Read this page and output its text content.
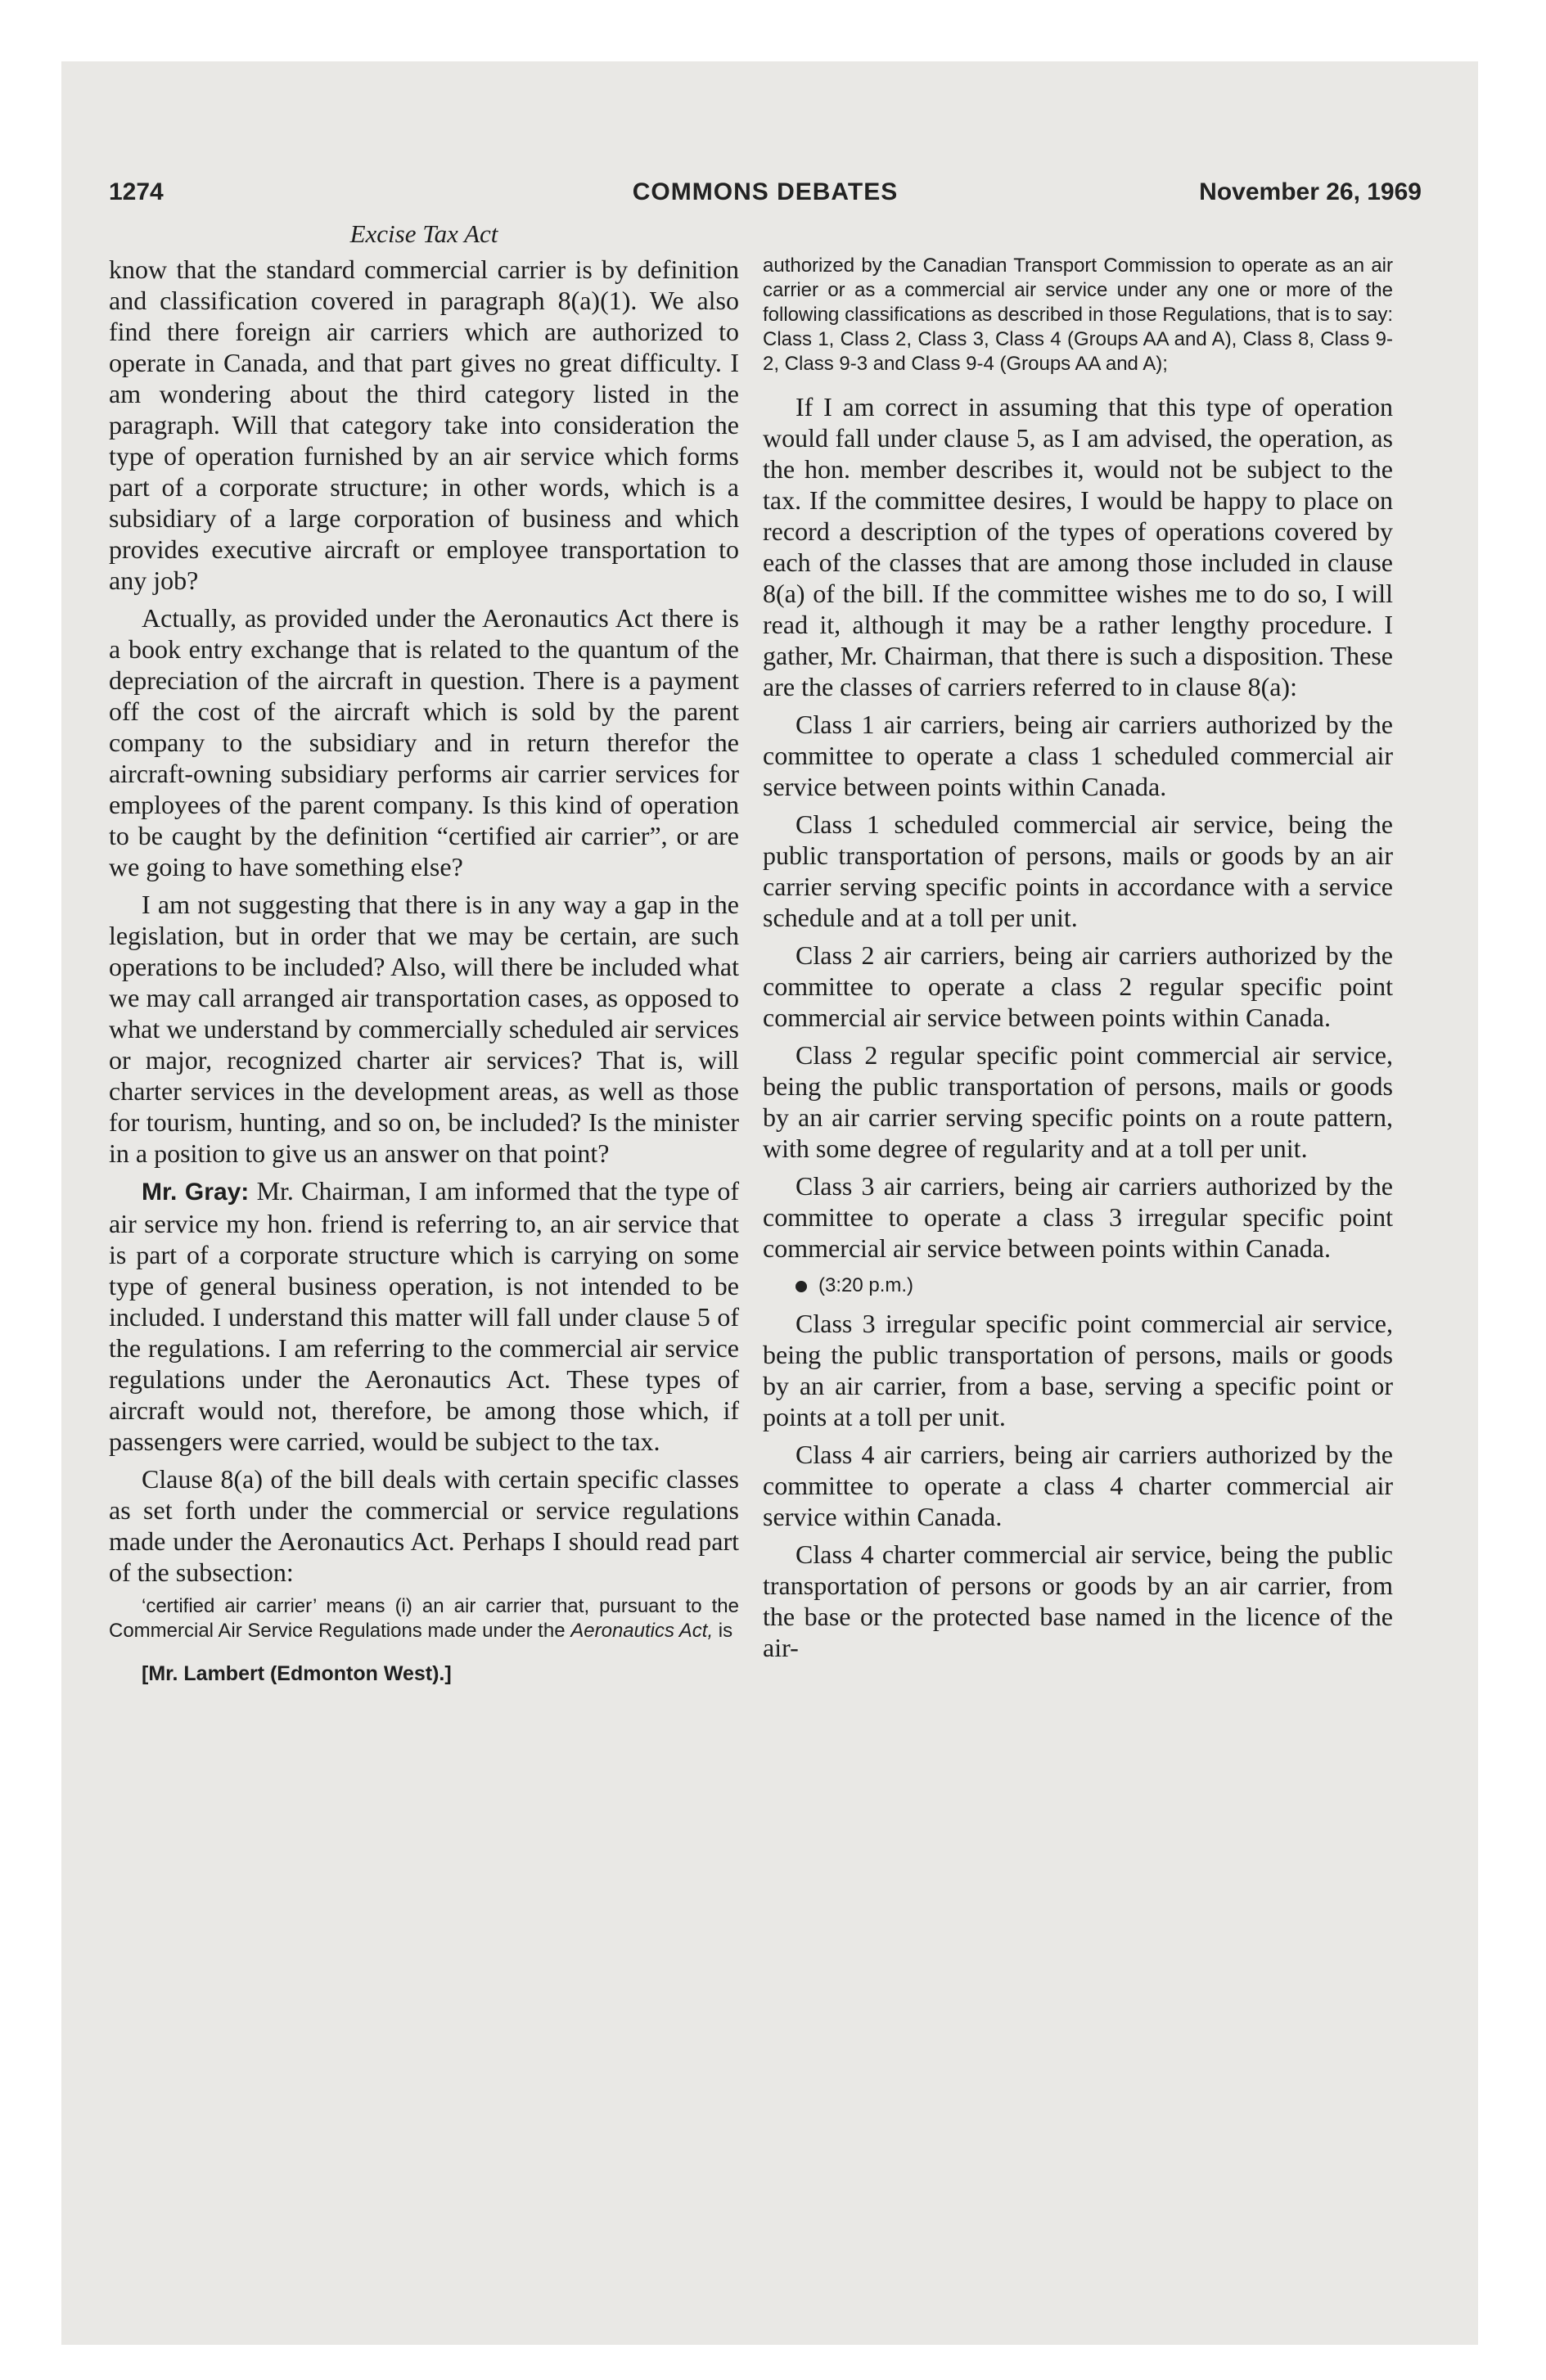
1274	COMMONS DEBATES	November 26, 1969
Excise Tax Act

know that the standard commercial carrier is by definition and classification covered in paragraph 8(a)(1). We also find there foreign air carriers which are authorized to operate in Canada, and that part gives no great difficulty. I am wondering about the third category listed in the paragraph. Will that category take into consideration the type of operation furnished by an air service which forms part of a corporate structure; in other words, which is a subsidiary of a large corporation of business and which provides executive aircraft or employee transportation to any job?

Actually, as provided under the Aeronautics Act there is a book entry exchange that is related to the quantum of the depreciation of the aircraft in question. There is a payment off the cost of the aircraft which is sold by the parent company to the subsidiary and in return therefor the aircraft-owning subsidiary performs air carrier services for employees of the parent company. Is this kind of operation to be caught by the definition “certified air carrier”, or are we going to have something else?

I am not suggesting that there is in any way a gap in the legislation, but in order that we may be certain, are such operations to be included? Also, will there be included what we may call arranged air transportation cases, as opposed to what we understand by commercially scheduled air services or major, recognized charter air services? That is, will charter services in the development areas, as well as those for tourism, hunting, and so on, be included? Is the minister in a position to give us an answer on that point?

Mr. Gray: Mr. Chairman, I am informed that the type of air service my hon. friend is referring to, an air service that is part of a corporate structure which is carrying on some type of general business operation, is not intended to be included. I understand this matter will fall under clause 5 of the regulations. I am referring to the commercial air service regulations under the Aeronautics Act. These types of aircraft would not, therefore, be among those which, if passengers were carried, would be subject to the tax.

Clause 8(a) of the bill deals with certain specific classes as set forth under the commercial or service regulations made under the Aeronautics Act. Perhaps I should read part of the subsection:

‘certified air carrier’ means (i) an air carrier that, pursuant to the Commercial Air Service Regulations made under the Aeronautics Act, is

[Mr. Lambert (Edmonton West).]

authorized by the Canadian Transport Commission to operate as an air carrier or as a commercial air service under any one or more of the following classifications as described in those Regulations, that is to say: Class 1, Class 2, Class 3, Class 4 (Groups AA and A), Class 8, Class 9-2, Class 9-3 and Class 9-4 (Groups AA and A);

If I am correct in assuming that this type of operation would fall under clause 5, as I am advised, the operation, as the hon. member describes it, would not be subject to the tax. If the committee desires, I would be happy to place on record a description of the types of operations covered by each of the classes that are among those included in clause 8(a) of the bill. If the committee wishes me to do so, I will read it, although it may be a rather lengthy procedure. I gather, Mr. Chairman, that there is such a disposition. These are the classes of carriers referred to in clause 8(a):

Class 1 air carriers, being air carriers authorized by the committee to operate a class 1 scheduled commercial air service between points within Canada.

Class 1 scheduled commercial air service, being the public transportation of persons, mails or goods by an air carrier serving specific points in accordance with a service schedule and at a toll per unit.

Class 2 air carriers, being air carriers authorized by the committee to operate a class 2 regular specific point commercial air service between points within Canada.

Class 2 regular specific point commercial air service, being the public transportation of persons, mails or goods by an air carrier serving specific points on a route pattern, with some degree of regularity and at a toll per unit.

Class 3 air carriers, being air carriers authorized by the committee to operate a class 3 irregular specific point commercial air service between points within Canada.

(3:20 p.m.)

Class 3 irregular specific point commercial air service, being the public transportation of persons, mails or goods by an air carrier, from a base, serving a specific point or points at a toll per unit.

Class 4 air carriers, being air carriers authorized by the committee to operate a class 4 charter commercial air service within Canada.

Class 4 charter commercial air service, being the public transportation of persons or goods by an air carrier, from the base or the protected base named in the licence of the air-
